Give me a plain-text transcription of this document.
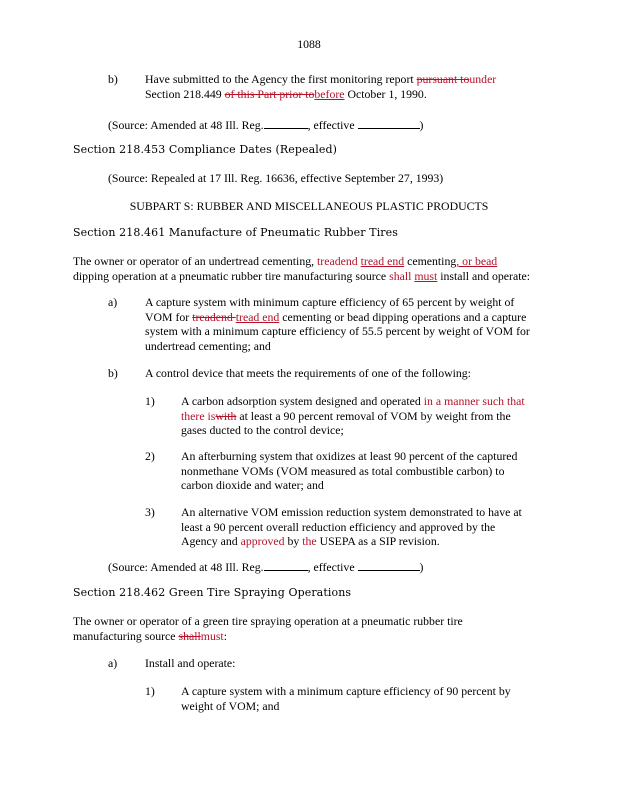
1088
b) Have submitted to the Agency the first monitoring report pursuant tounder
Section 218.449 of this Part prior tobefore October 1, 1990.
(Source: Amended at 48 Ill. Reg.	, effective	)
Section 218.453 Compliance Dates (Repealed)
(Source: Repealed at 17 Ill. Reg. 16636, effective September 27, 1993)
SUBPART S: RUBBER AND MISCELLANEOUS PLASTIC PRODUCTS
Section 218.461 Manufacture of Pneumatic Rubber Tires
The owner or operator of an undertread cementing, treadend tread end cementing, or bead
dipping operation at a pneumatic rubber tire manufacturing source shall must install and operate:
a) A capture system with minimum capture efficiency of 65 percent by weight of
VOM for treadend tread end cementing or bead dipping operations and a capture
system with a minimum capture efficiency of 55.5 percent by weight of VOM for
undertread cementing; and
b) A control device that meets the requirements of one of the following:
1) A carbon adsorption system designed and operated in a manner such that
there iswith at least a 90 percent removal of VOM by weight from the
gases ducted to the control device;
2) An afterburning system that oxidizes at least 90 percent of the captured
nonmethane VOMs (VOM measured as total combustible carbon) to
carbon dioxide and water; and
3) An alternative VOM emission reduction system demonstrated to have at
least a 90 percent overall reduction efficiency and approved by the
Agency and approved by the USEPA as a SIP revision.
(Source: Amended at 48 Ill. Reg.	, effective	)
Section 218.462 Green Tire Spraying Operations
The owner or operator of a green tire spraying operation at a pneumatic rubber tire
manufacturing source shallmust:
a) Install and operate:
1) A capture system with a minimum capture efficiency of 90 percent by
weight of VOM; and
